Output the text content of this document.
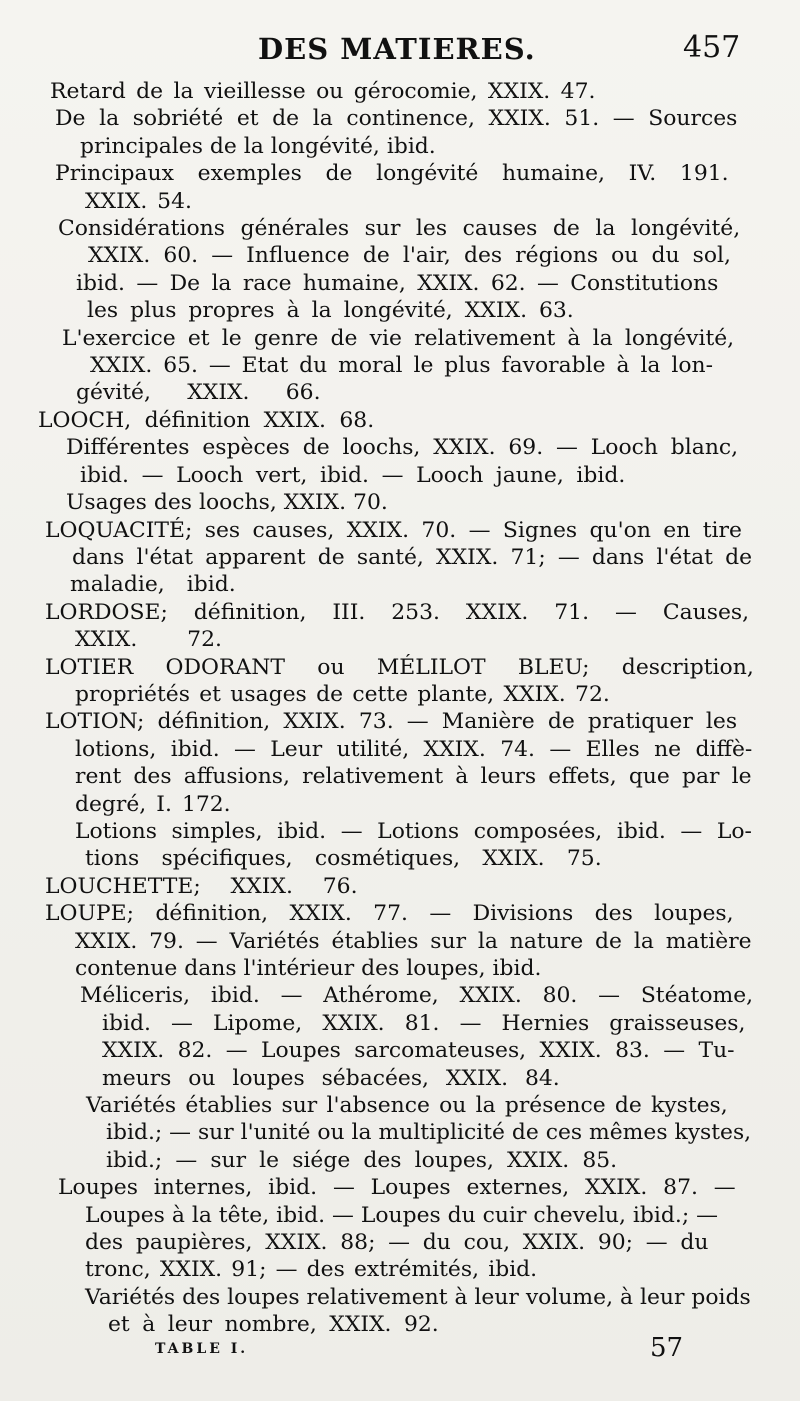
DES MATIERES.	457
Retard de la vieillesse ou gérocomie, XXIX. 47.
De la sobriété et de la continence, XXIX. 51. — Sources
principales de la longévité, ibid.
Principaux exemples de longévité humaine, IV. 191.
XXIX. 54.
Considérations générales sur les causes de la longévité,
XXIX. 60. — Influence de l'air, des régions ou du sol,
ibid. — De la race humaine, XXIX. 62. — Constitutions
les plus propres à la longévité, XXIX. 63.
L'exercice et le genre de vie relativement à la longévité,
XXIX. 65. — Etat du moral le plus favorable à la lon-
gévité, XXIX. 66.
LOOCH, définition XXIX. 68.
Différentes espèces de loochs, XXIX. 69. — Looch blanc,
ibid. — Looch vert, ibid. — Looch jaune, ibid.
Usages des loochs, XXIX. 70.
LOQUACITÉ; ses causes, XXIX. 70. — Signes qu'on en tire
dans l'état apparent de santé, XXIX. 71; — dans l'état de
maladie, ibid.
LORDOSE; définition, III. 253. XXIX. 71. — Causes,
XXIX. 72.
LOTIER ODORANT ou MÉLILOT BLEU; description,
propriétés et usages de cette plante, XXIX. 72.
LOTION; définition, XXIX. 73. — Manière de pratiquer les
lotions, ibid. — Leur utilité, XXIX. 74. — Elles ne diffè-
rent des affusions, relativement à leurs effets, que par le
degré, I. 172.
Lotions simples, ibid. — Lotions composées, ibid. — Lo-
tions spécifiques, cosmétiques, XXIX. 75.
LOUCHETTE; XXIX. 76.
LOUPE; définition, XXIX. 77. — Divisions des loupes,
XXIX. 79. — Variétés établies sur la nature de la matière
contenue dans l'intérieur des loupes, ibid.
Méliceris, ibid. — Athérome, XXIX. 80. — Stéatome,
ibid. — Lipome, XXIX. 81. — Hernies graisseuses,
XXIX. 82. — Loupes sarcomateuses, XXIX. 83. — Tu-
meurs ou loupes sébacées, XXIX. 84.
Variétés établies sur l'absence ou la présence de kystes,
ibid.; — sur l'unité ou la multiplicité de ces mêmes kystes,
ibid.; — sur le siége des loupes, XXIX. 85.
Loupes internes, ibid. — Loupes externes, XXIX. 87. —
Loupes à la tête, ibid. — Loupes du cuir chevelu, ibid.; —
des paupières, XXIX. 88; — du cou, XXIX. 90; — du
tronc, XXIX. 91; — des extrémités, ibid.
Variétés des loupes relativement à leur volume, à leur poids
et à leur nombre, XXIX. 92.
TABLE I.	57
